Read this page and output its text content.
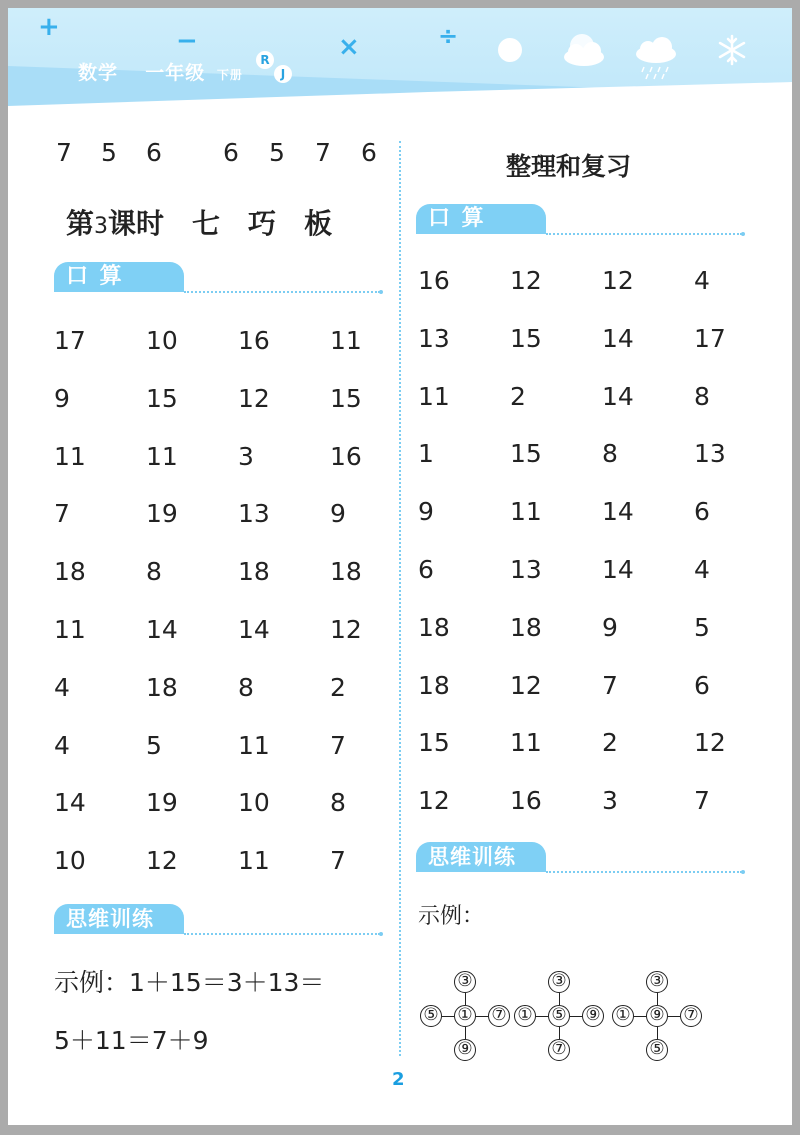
+	−	×	÷
数学 一年级 下册
R
J
7 5 6 6 5 7 6
第3课时 七 巧 板
口 算
17 10 16 11
9	15 12 15
11 11 3	16
7	19 13 9
18 8	18 18
11 14 14 12
4	18 8	2
4	5	11 7
14 19 10 8
10 12 11 7
思维训练
示例：1＋15＝3＋13＝
5＋11＝7＋9
整理和复习
口 算
16 12 12 4
13 15 14 17
11 2	14 8
1	15 8	13
9	11 14 6
6	13 14 4
18 18 9	5
18 12 7	6
15 11 2	12
12 16 3	7
思维训练
示例：
③
⑤ ① ⑦
⑨
③
① ⑤ ⑨
⑦
③
① ⑨ ⑦
⑤
2
